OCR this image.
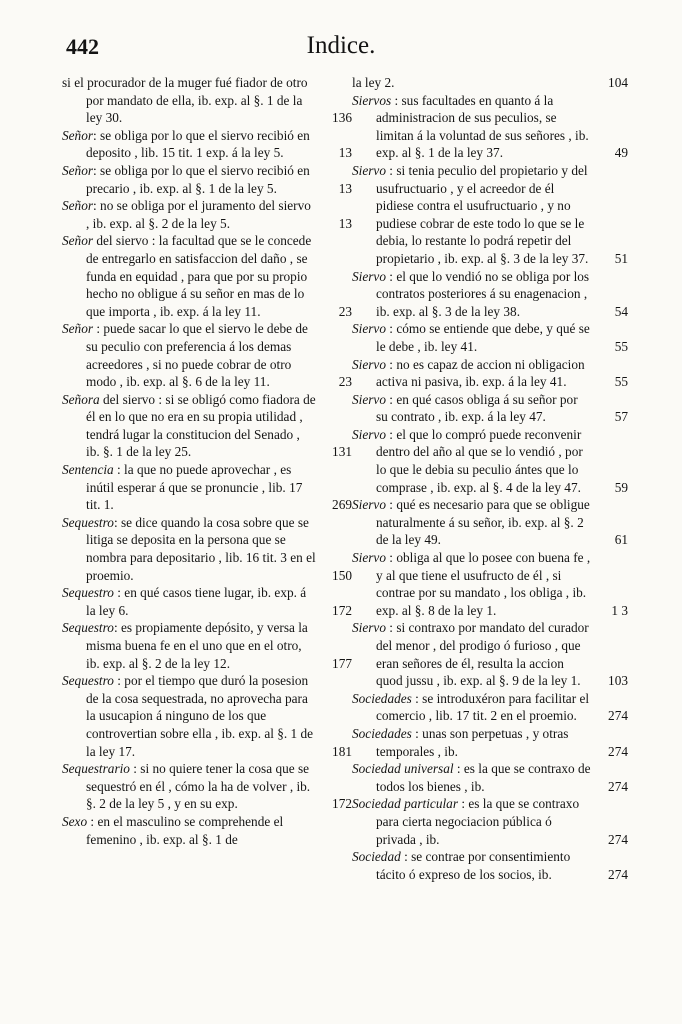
442	Indice.
si el procurador de la muger fué fiador de otro por mandato de ella, ib. exp. al §. 1 de la ley 30.	136
Señor: se obliga por lo que el siervo recibió en deposito , lib. 15 tit. 1 exp. á la ley 5.	13
Señor: se obliga por lo que el siervo recibió en precario , ib. exp. al §. 1 de la ley 5.	13
Señor: no se obliga por el juramento del siervo , ib. exp. al §. 2 de la ley 5.	13
Señor del siervo : la facultad que se le concede de entregarlo en satisfaccion del daño , se funda en equidad , para que por su propio hecho no obligue á su señor en mas de lo que importa , ib. exp. á la ley 11.	23
Señor : puede sacar lo que el siervo le debe de su peculio con preferencia á los demas acreedores , si no puede cobrar de otro modo , ib. exp. al §. 6 de la ley 11.	23
Señora del siervo : si se obligó como fiadora de él en lo que no era en su propia utilidad , tendrá lugar la constitucion del Senado , ib. §. 1 de la ley 25.	131
Sentencia : la que no puede aprovechar , es inútil esperar á que se pronuncie , lib. 17 tit. 1.	269
Sequestro: se dice quando la cosa sobre que se litiga se deposita en la persona que se nombra para depositario , lib. 16 tit. 3 en el proemio.	150
Sequestro : en qué casos tiene lugar, ib. exp. á la ley 6.	172
Sequestro: es propiamente depósito, y versa la misma buena fe en el uno que en el otro, ib. exp. al §. 2 de la ley 12.	177
Sequestro : por el tiempo que duró la posesion de la cosa sequestrada, no aprovecha para la usucapion á ninguno de los que controvertian sobre ella , ib. exp. al §. 1 de la ley 17.	181
Sequestrario : si no quiere tener la cosa que se sequestró en él , cómo la ha de volver , ib. §. 2 de la ley 5 , y en su exp.	172
Sexo : en el masculino se comprehende el femenino , ib. exp. al §. 1 de
la ley 2.	104
Siervos : sus facultades en quanto á la administracion de sus peculios, se limitan á la voluntad de sus señores , ib. exp. al §. 1 de la ley 37.	49
Siervo : si tenia peculio del propietario y del usufructuario , y el acreedor de él pidiese contra el usufructuario , y no pudiese cobrar de este todo lo que se le debia, lo restante lo podrá repetir del propietario , ib. exp. al §. 3 de la ley 37. 51
Siervo : el que lo vendió no se obliga por los contratos posteriores á su enagenacion , ib. exp. al §. 3 de la ley 38.	54
Siervo : cómo se entiende que debe, y qué se le debe , ib. ley 41.	55
Siervo : no es capaz de accion ni obligacion activa ni pasiva, ib. exp. á la ley 41.	55
Siervo : en qué casos obliga á su señor por su contrato , ib. exp. á la ley 47.	57
Siervo : el que lo compró puede reconvenir dentro del año al que se lo vendió , por lo que le debia su peculio ántes que lo comprase , ib. exp. al §. 4 de la ley 47.	59
Siervo : qué es necesario para que se obligue naturalmente á su señor, ib. exp. al §. 2 de la ley 49.	61
Siervo : obliga al que lo posee con buena fe , y al que tiene el usufructo de él , si contrae por su mandato , los obliga , ib. exp. al §. 8 de la ley 1.	1 3
Siervo : si contraxo por mandato del curador del menor , del prodigo ó furioso , que eran señores de él, resulta la accion quod jussu , ib. exp. al §. 9 de la ley 1. 103
Sociedades : se introduxéron para facilitar el comercio , lib. 17 tit. 2 en el proemio. 274
Sociedades : unas son perpetuas , y otras temporales , ib.	274
Sociedad universal : es la que se contraxo de todos los bienes , ib.	274
Sociedad particular : es la que se contraxo para cierta negociacion pública ó privada , ib.	274
Sociedad : se contrae por consentimiento tácito ó expreso de los socios, ib.	274
